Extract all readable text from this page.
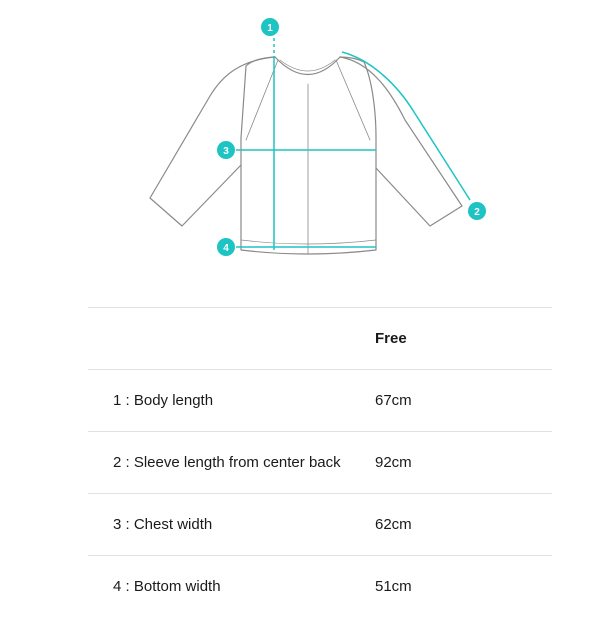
1
2
3
4
	Free
1 : Body length	67cm
2 : Sleeve length from center back	92cm
3 : Chest width	62cm
4 : Bottom width	51cm
